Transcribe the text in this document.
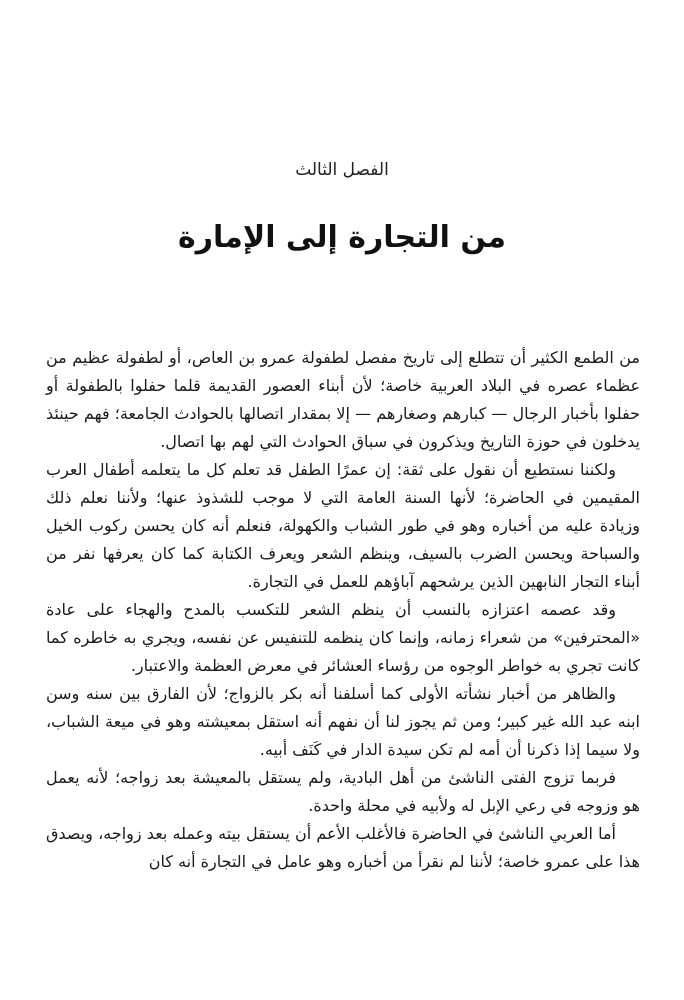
الفصل الثالث
من التجارة إلى الإمارة

من الطمع الكثير أن تتطلع إلى تاريخ مفصل لطفولة عمرو بن العاص، أو لطفولة عظيم من عظماء عصره في البلاد العربية خاصة؛ لأن أبناء العصور القديمة قلما حفلوا بالطفولة أو حفلوا بأخبار الرجال — كبارهم وصغارهم — إلا بمقدار اتصالها بالحوادث الجامعة؛ فهم حينئذ يدخلون في حوزة التاريخ ويذكرون في سباق الحوادث التي لهم بها اتصال.

ولكننا نستطيع أن نقول على ثقة: إن عمرًا الطفل قد تعلم كل ما يتعلمه أطفال العرب المقيمين في الحاضرة؛ لأنها السنة العامة التي لا موجب للشذوذ عنها؛ ولأننا نعلم ذلك وزيادة عليه من أخباره وهو في طور الشباب والكهولة، فنعلم أنه كان يحسن ركوب الخيل والسباحة ويحسن الضرب بالسيف، وينظم الشعر ويعرف الكتابة كما كان يعرفها نفر من أبناء التجار النابهين الذين يرشحهم آباؤهم للعمل في التجارة.

وقد عصمه اعتزازه بالنسب أن ينظم الشعر للتكسب بالمدح والهجاء على عادة «المحترفين» من شعراء زمانه، وإنما كان ينظمه للتنفيس عن نفسه، ويجري به خاطره كما كانت تجري به خواطر الوجوه من رؤساء العشائر في معرض العظمة والاعتبار.

والظاهر من أخبار نشأته الأولى كما أسلفنا أنه بكر بالزواج؛ لأن الفارق بين سنه وسن ابنه عبد الله غير كبير؛ ومن ثم يجوز لنا أن نفهم أنه استقل بمعيشته وهو في ميعة الشباب، ولا سيما إذا ذكرنا أن أمه لم تكن سيدة الدار في كَنَف أبيه.

فربما تزوج الفتى الناشئ من أهل البادية، ولم يستقل بالمعيشة بعد زواجه؛ لأنه يعمل هو وزوجه في رعي الإبل له ولأبيه في محلة واحدة.

أما العربي الناشئ في الحاضرة فالأغلب الأعم أن يستقل بيته وعمله بعد زواجه، ويصدق هذا على عمرو خاصة؛ لأننا لم نقرأ من أخباره وهو عامل في التجارة أنه كان
